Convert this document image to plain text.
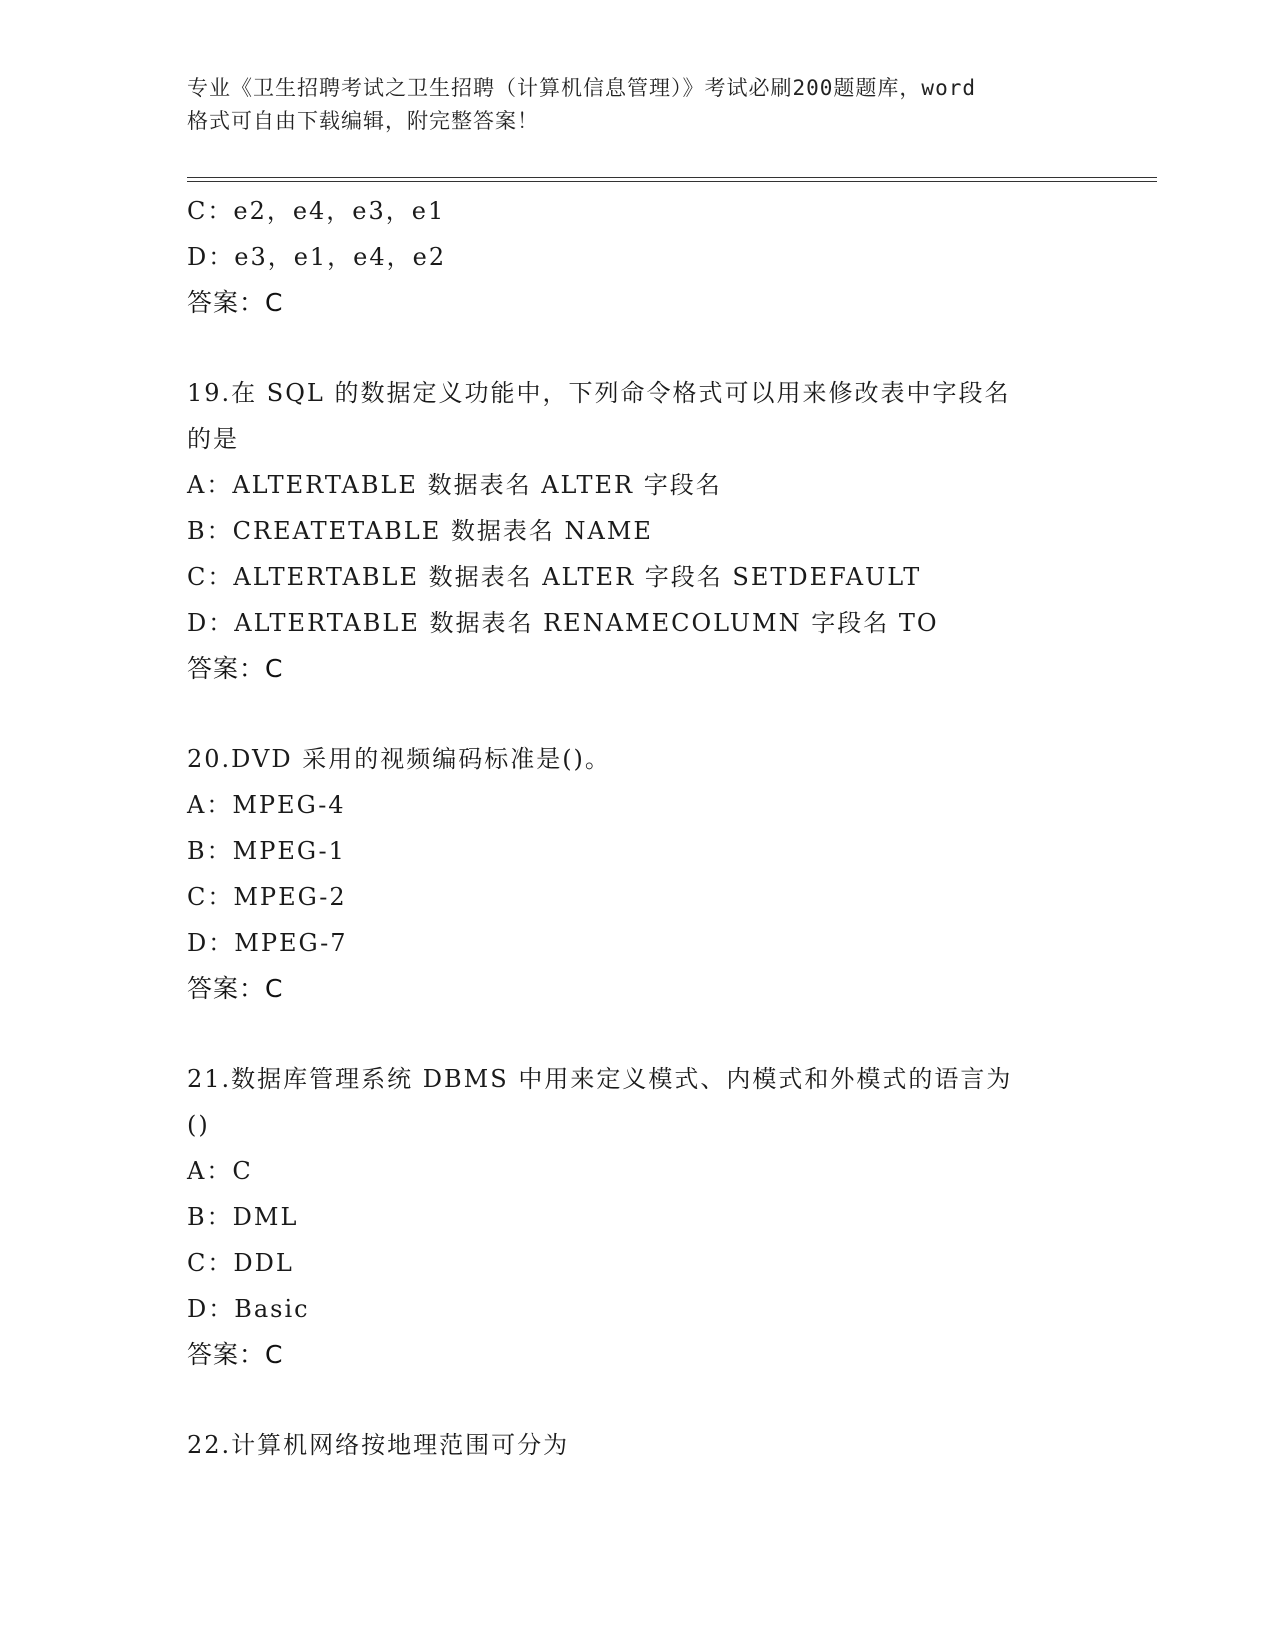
专业《卫生招聘考试之卫生招聘（计算机信息管理）》考试必刷200题题库，word
格式可自由下载编辑，附完整答案！
C：e2，e4，e3，e1
D：e3，e1，e4，e2
答案：C
19.在 SQL 的数据定义功能中，下列命令格式可以用来修改表中字段名
的是
A：ALTERTABLE 数据表名 ALTER 字段名
B：CREATETABLE 数据表名 NAME
C：ALTERTABLE 数据表名 ALTER 字段名 SETDEFAULT
D：ALTERTABLE 数据表名 RENAMECOLUMN 字段名 TO
答案：C
20.DVD 采用的视频编码标准是()。
A：MPEG-4
B：MPEG-1
C：MPEG-2
D：MPEG-7
答案：C
21.数据库管理系统 DBMS 中用来定义模式、内模式和外模式的语言为
()
A：C
B：DML
C：DDL
D：Basic
答案：C
22.计算机网络按地理范围可分为
